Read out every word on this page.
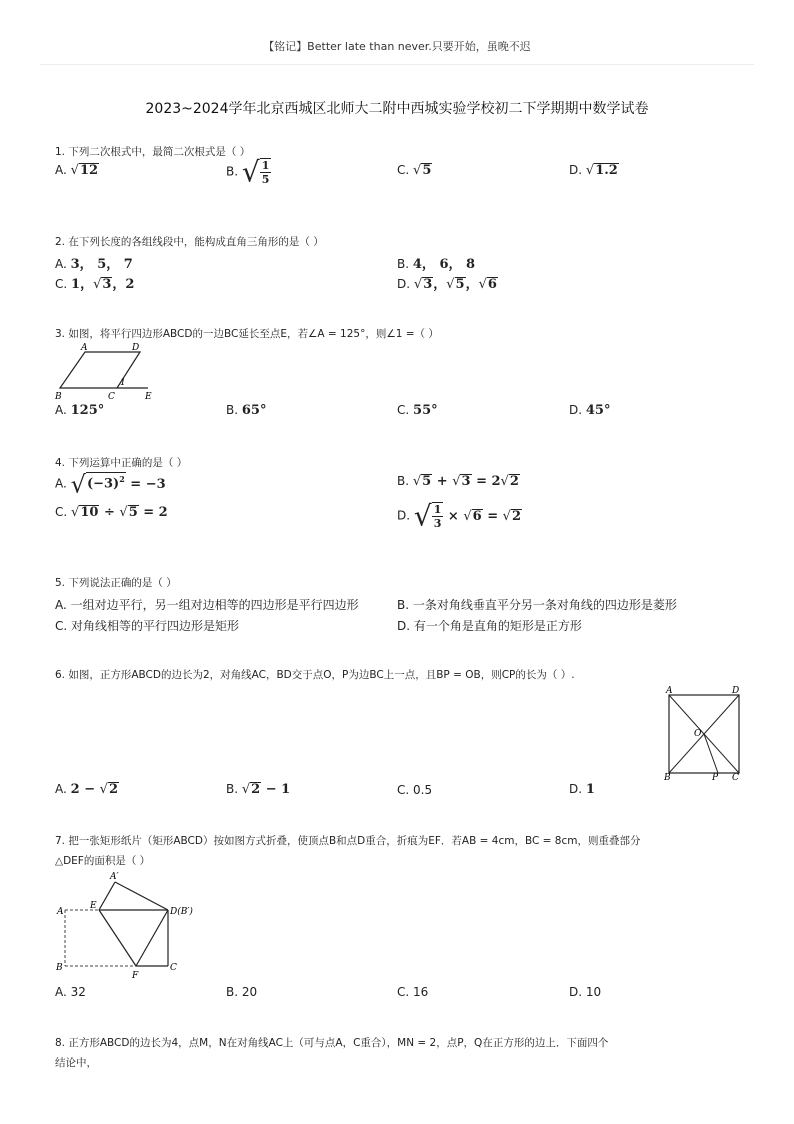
【铭记】Better late than never.只要开始，虽晚不迟
2023~2024学年北京西城区北师大二附中西城实验学校初二下学期期中数学试卷
1. 下列二次根式中，最简二次根式是（ ）
A. √12	B. √ $\frac{1}{5}$	C. √5	D. √1.2
2. 在下列长度的各组线段中，能构成直角三角形的是（ ）
A. 3， 5， 7	B. 4， 6， 8
C. 1，√3，2	D. √3，√5，√6
3. 如图，将平行四边形ABCD的一边BC延长至点E，若∠A = 125°，则∠1 =（ ）
A	D
B	C	E
1
A. 125°	B. 65°	C. 55°	D. 45°
4. 下列运算中正确的是（ ）
A. $√(-3)^2 = -3$	B. √5 + √3 = 2√2
C. √10 ÷ √5 = 2	D. √ $\frac{1}{3} \times √6 = √2$
5. 下列说法正确的是（ ）
A. 一组对边平行，另一组对边相等的四边形是平行四边形	B. 一条对角线垂直平分另一条对角线的四边形是菱形
C. 对角线相等的平行四边形是矩形	D. 有一个角是直角的矩形是正方形
6. 如图，正方形ABCD的边长为2，对角线AC，BD交于点O，P为边BC上一点，且BP = OB，则CP的长为（ ）.
A	D
O
B	P C
A. 2 − √2	B. √2 − 1	C. 0.5	D. 1
7. 把一张矩形纸片（矩形ABCD）按如图方式折叠，使顶点B和点D重合，折痕为EF．若AB = 4cm，BC = 8cm，则重叠部分
△DEF的面积是（ ）
A′
A
E
D(B′)
B
F
C
A. 32	B. 20	C. 16	D. 10
8. 正方形ABCD的边长为4，点M，N在对角线AC上（可与点A，C重合），MN = 2，点P，Q在正方形的边上．下面四个
结论中，
